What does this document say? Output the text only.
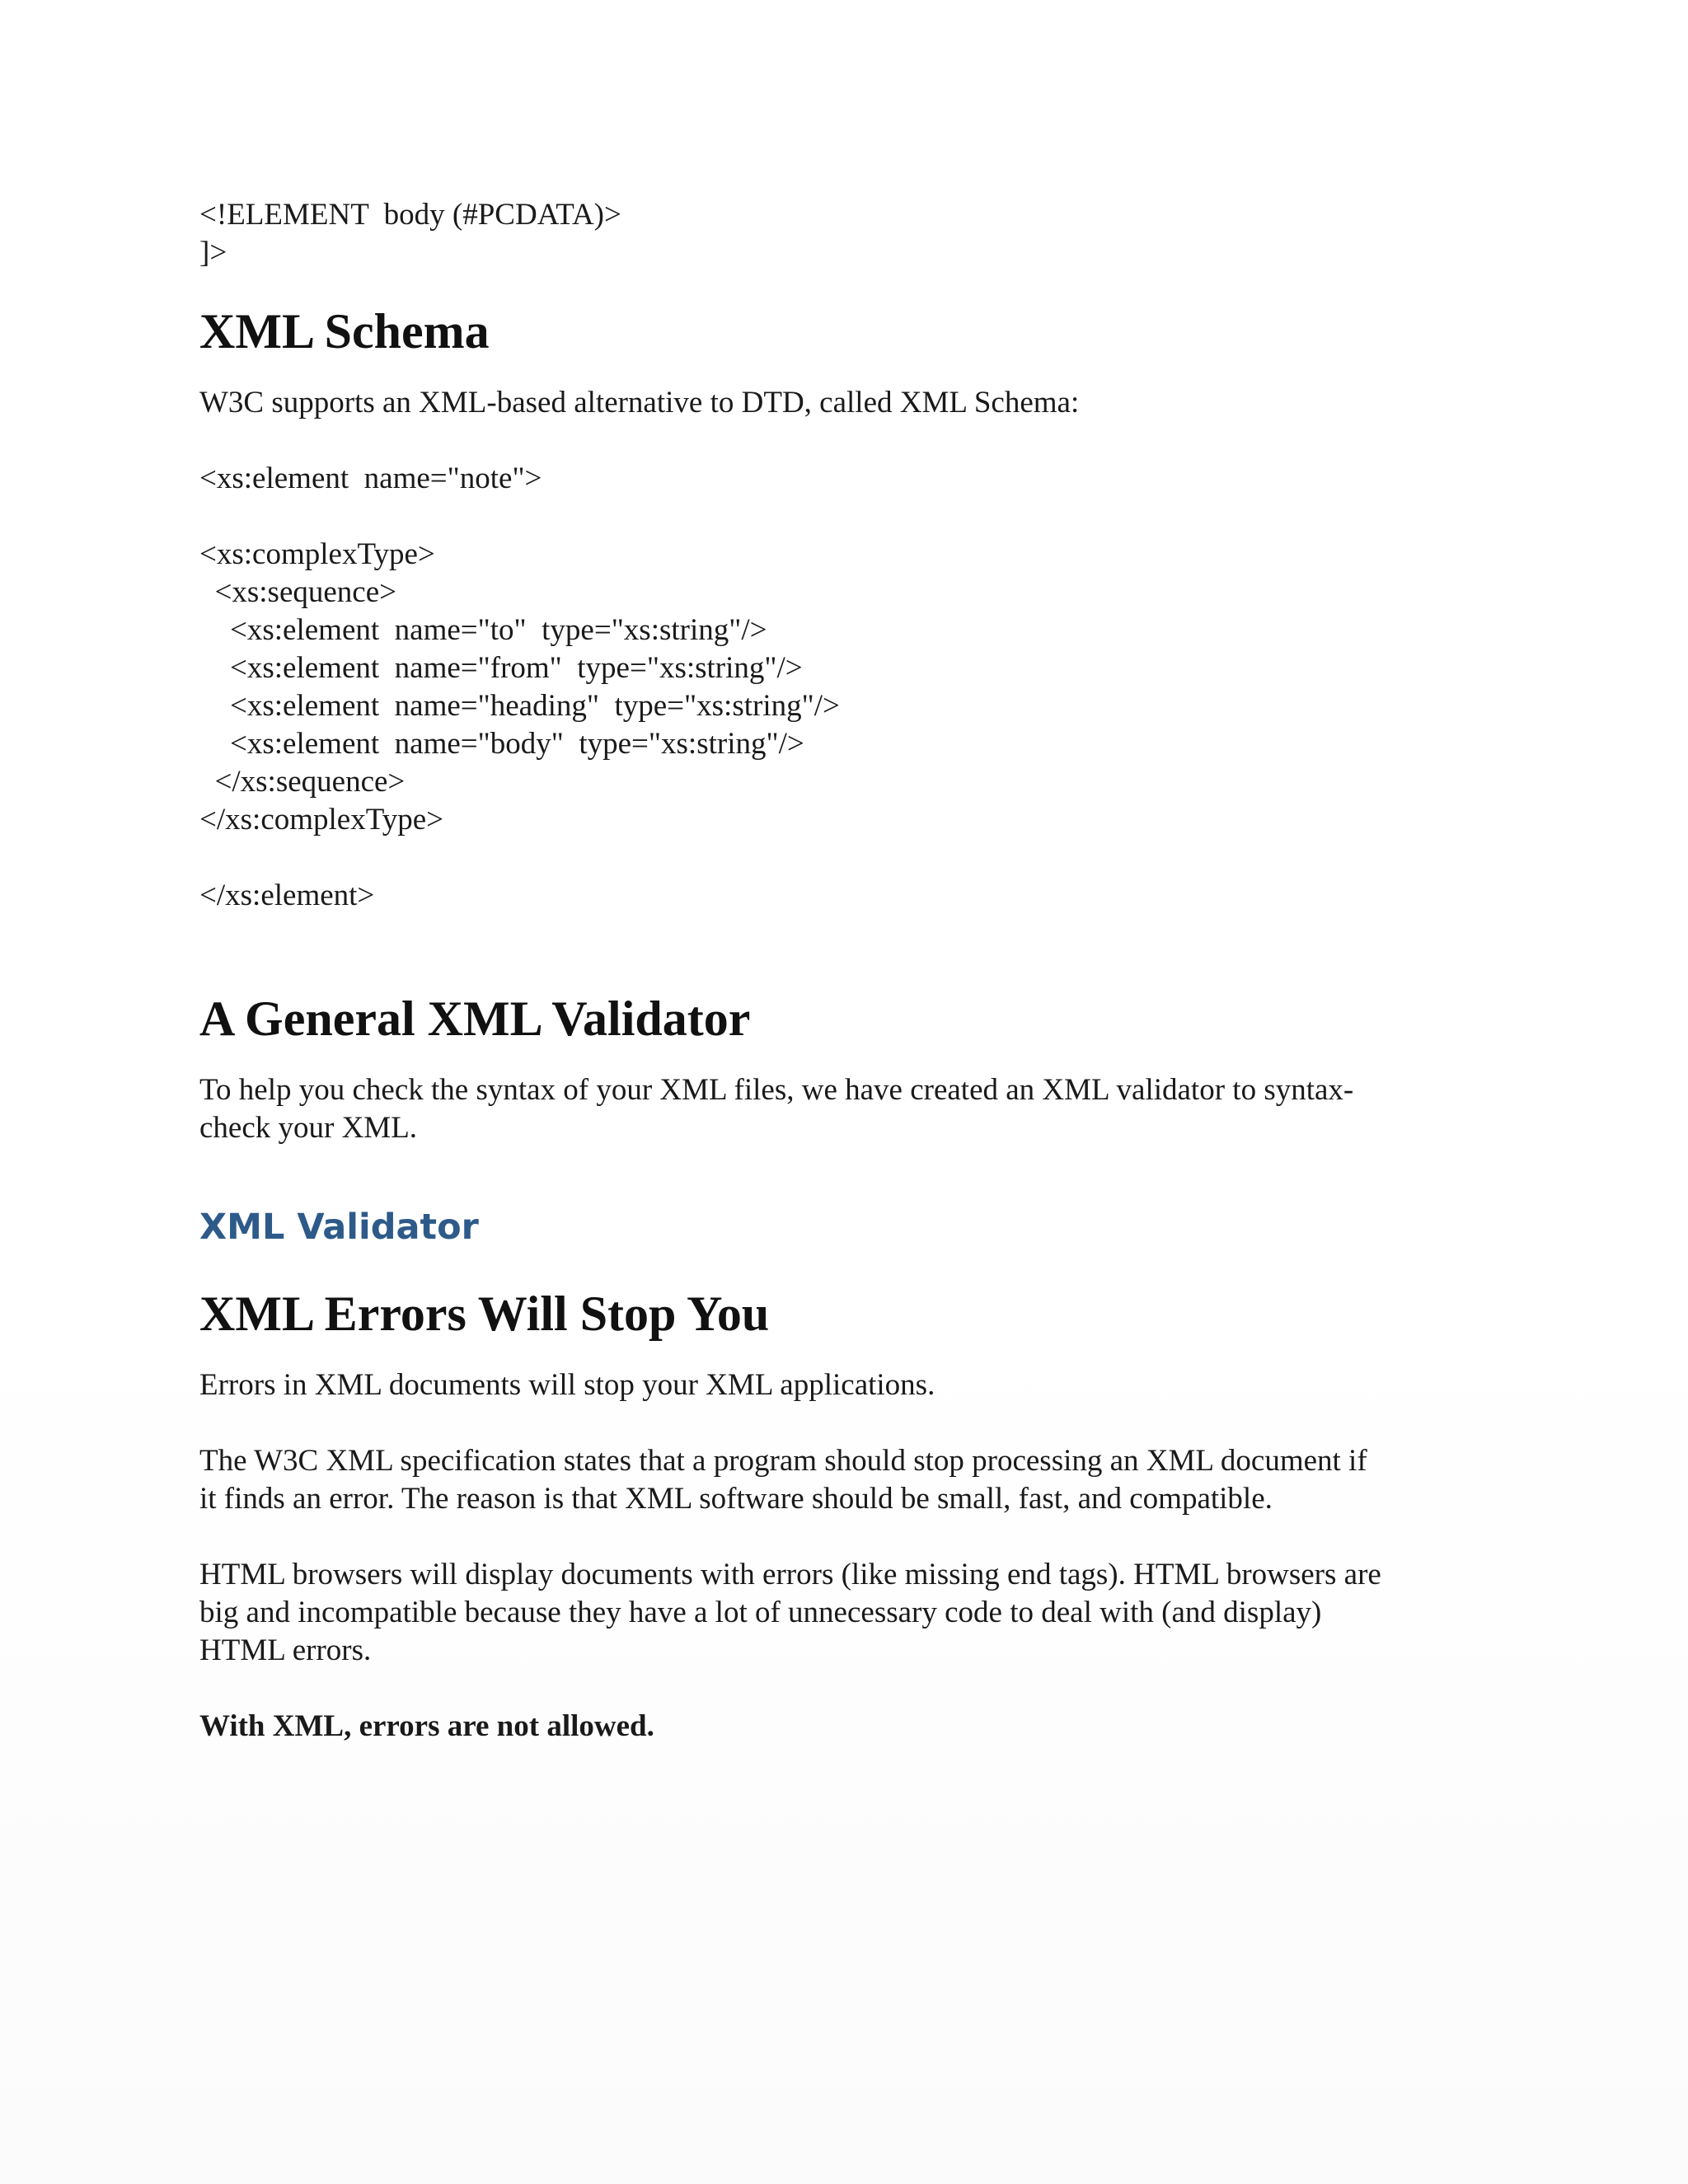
<!ELEMENT  body (#PCDATA)>

]>

XML Schema

W3C supports an XML-based alternative to DTD, called XML Schema:

<xs:element  name="note">

<xs:complexType>

<xs:sequence>

<xs:element  name="to"  type="xs:string"/>

<xs:element  name="from"  type="xs:string"/>

<xs:element  name="heading"  type="xs:string"/>

<xs:element  name="body"  type="xs:string"/>

</xs:sequence>

</xs:complexType>

</xs:element>

A General XML Validator

To help you check the syntax of your XML files, we have created an XML validator to syntax-

check your XML.

XML Validator
XML Errors Will Stop You

Errors in XML documents will stop your XML applications.

The W3C XML specification states that a program should stop processing an XML document if

it finds an error. The reason is that XML software should be small, fast, and compatible.

HTML browsers will display documents with errors (like missing end tags). HTML browsers are

big and incompatible because they have a lot of unnecessary code to deal with (and display)

HTML errors.

With XML, errors are not allowed.
